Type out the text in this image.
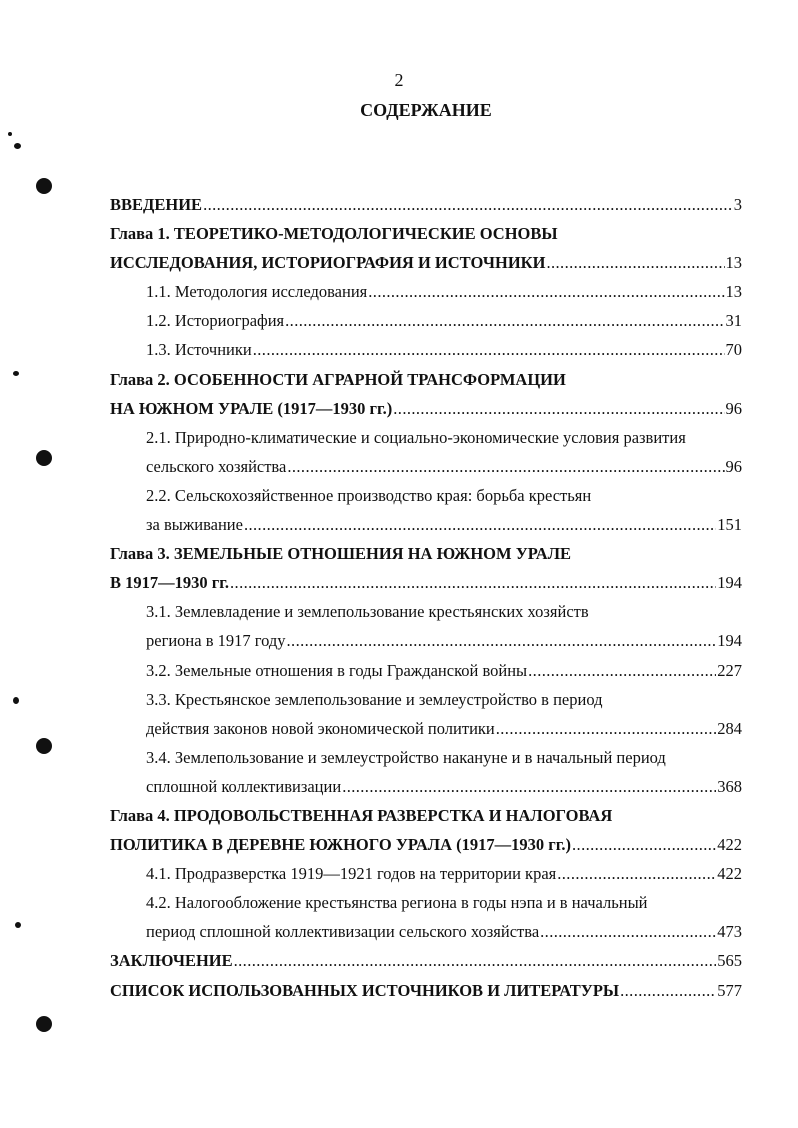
2
СОДЕРЖАНИЕ
ВВЕДЕНИЕ .....	3
Глава 1. ТЕОРЕТИКО-МЕТОДОЛОГИЧЕСКИЕ ОСНОВЫ
ИССЛЕДОВАНИЯ, ИСТОРИОГРАФИЯ И ИСТОЧНИКИ .....	13
1.1. Методология исследования .....	13
1.2. Историография .....	31
1.3. Источники .....	70
Глава 2. ОСОБЕННОСТИ АГРАРНОЙ ТРАНСФОРМАЦИИ
НА ЮЖНОМ УРАЛЕ (1917—1930 гг.) .....	96
2.1. Природно-климатические и социально-экономические условия развития
сельского хозяйства .....	96
2.2. Сельскохозяйственное производство края: борьба крестьян
за выживание .....	151
Глава 3. ЗЕМЕЛЬНЫЕ ОТНОШЕНИЯ НА ЮЖНОМ УРАЛЕ
В 1917—1930 гг. .....	194
3.1. Землевладение и землепользование крестьянских хозяйств
региона в 1917 году .....	194
3.2. Земельные отношения в годы Гражданской войны .....	227
3.3. Крестьянское землепользование и землеустройство в период
действия законов новой экономической политики .....	284
3.4. Землепользование и землеустройство накануне и в начальный период
сплошной коллективизации .....	368
Глава 4. ПРОДОВОЛЬСТВЕННАЯ РАЗВЕРСТКА И НАЛОГОВАЯ
ПОЛИТИКА В ДЕРЕВНЕ ЮЖНОГО УРАЛА (1917—1930 гг.) .....	422
4.1. Продразверстка 1919—1921 годов на территории края .....	422
4.2. Налогообложение крестьянства региона в годы нэпа и в начальный
период сплошной коллективизации сельского хозяйства .....	473
ЗАКЛЮЧЕНИЕ .....	565
СПИСОК ИСПОЛЬЗОВАННЫХ ИСТОЧНИКОВ И ЛИТЕРАТУРЫ .....	577
